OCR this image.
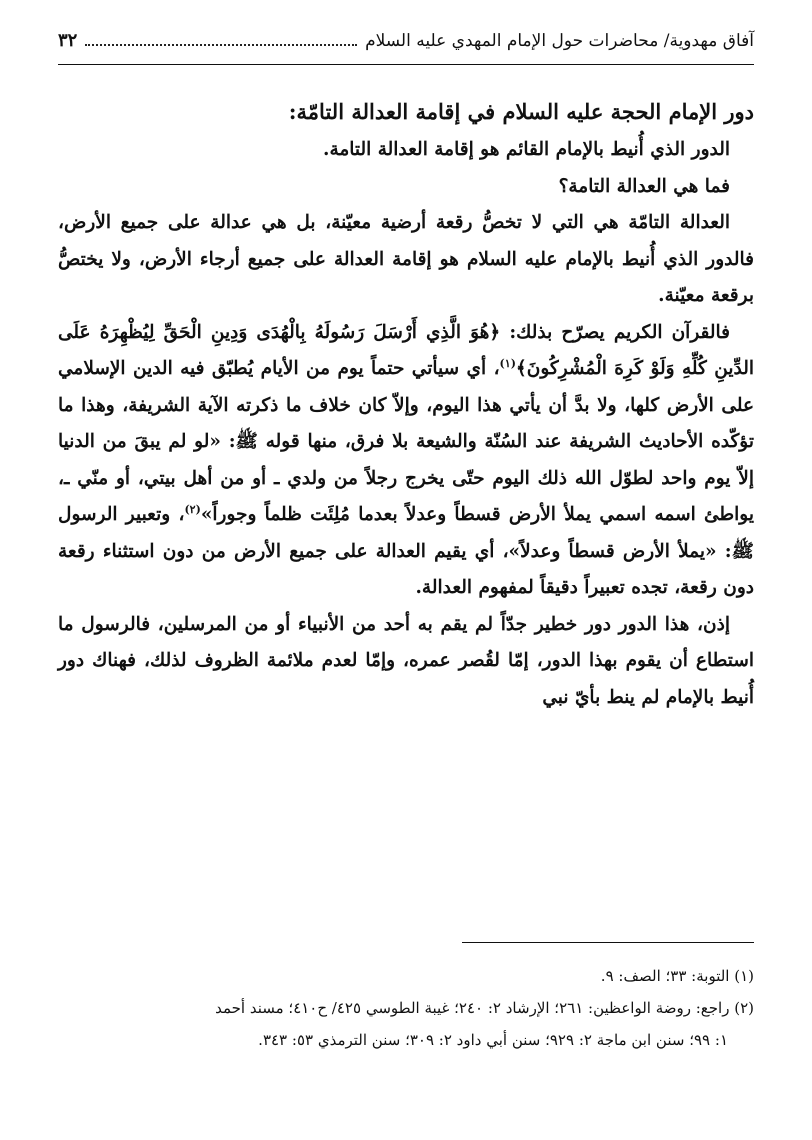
آفاق مهدوية/ محاضرات حول الإمام المهدي عليه السلام
٣٢

دور الإمام الحجة عليه السلام في إقامة العدالة التامّة:

الدور الذي أُنيط بالإمام القائم هو إقامة العدالة التامة.

فما هي العدالة التامة؟

العدالة التامّة هي التي لا تخصُّ رقعة أرضية معيّنة، بل هي عدالة على جميع الأرض، فالدور الذي أُنيط بالإمام عليه السلام هو إقامة العدالة على جميع أرجاء الأرض، ولا يختصُّ برقعة معيّنة.

فالقرآن الكريم يصرّح بذلك: ﴿هُوَ الَّذِي أَرْسَلَ رَسُولَهُ بِالْهُدَى وَدِينِ الْحَقِّ لِيُظْهِرَهُ عَلَى الدِّينِ كُلِّهِ وَلَوْ كَرِهَ الْمُشْرِكُونَ﴾$^{(١)}$، أي سيأتي حتماً يوم من الأيام يُطبّق فيه الدين الإسلامي على الأرض كلها، ولا بدَّ أن يأتي هذا اليوم، وإلاّ كان خلاف ما ذكرته الآية الشريفة، وهذا ما تؤكّده الأحاديث الشريفة عند السُنّة والشيعة بلا فرق، منها قوله ﷺ: «لو لم يبقَ من الدنيا إلاّ يوم واحد لطوّل الله ذلك اليوم حتّى يخرج رجلاً من ولدي ـ أو من أهل بيتي، أو منّي ـ، يواطئ اسمه اسمي يملأ الأرض قسطاً وعدلاً بعدما مُلِئَت ظلماً وجوراً»$^{(٢)}$، وتعبير الرسول ﷺ: «يملأ الأرض قسطاً وعدلاً»، أي يقيم العدالة على جميع الأرض من دون استثناء رقعة دون رقعة، تجده تعبيراً دقيقاً لمفهوم العدالة.

إذن، هذا الدور دور خطير جدّاً لم يقم به أحد من الأنبياء أو من المرسلين، فالرسول ما استطاع أن يقوم بهذا الدور، إمّا لقُصر عمره، وإمّا لعدم ملائمة الظروف لذلك، فهناك دور أُنيط بالإمام لم ينط بأيّ نبي

(١) التوبة: ٣٣؛ الصف: ٩.

(٢) راجع: روضة الواعظين: ٢٦١؛ الإرشاد ٢: ٢٤٠؛ غيبة الطوسي ٤٢٥/ ح٤١٠؛ مسند أحمد

١: ٩٩؛ سنن ابن ماجة ٢: ٩٢٩؛ سنن أبي داود ٢: ٣٠٩؛ سنن الترمذي ٥٣: ٣٤٣.
